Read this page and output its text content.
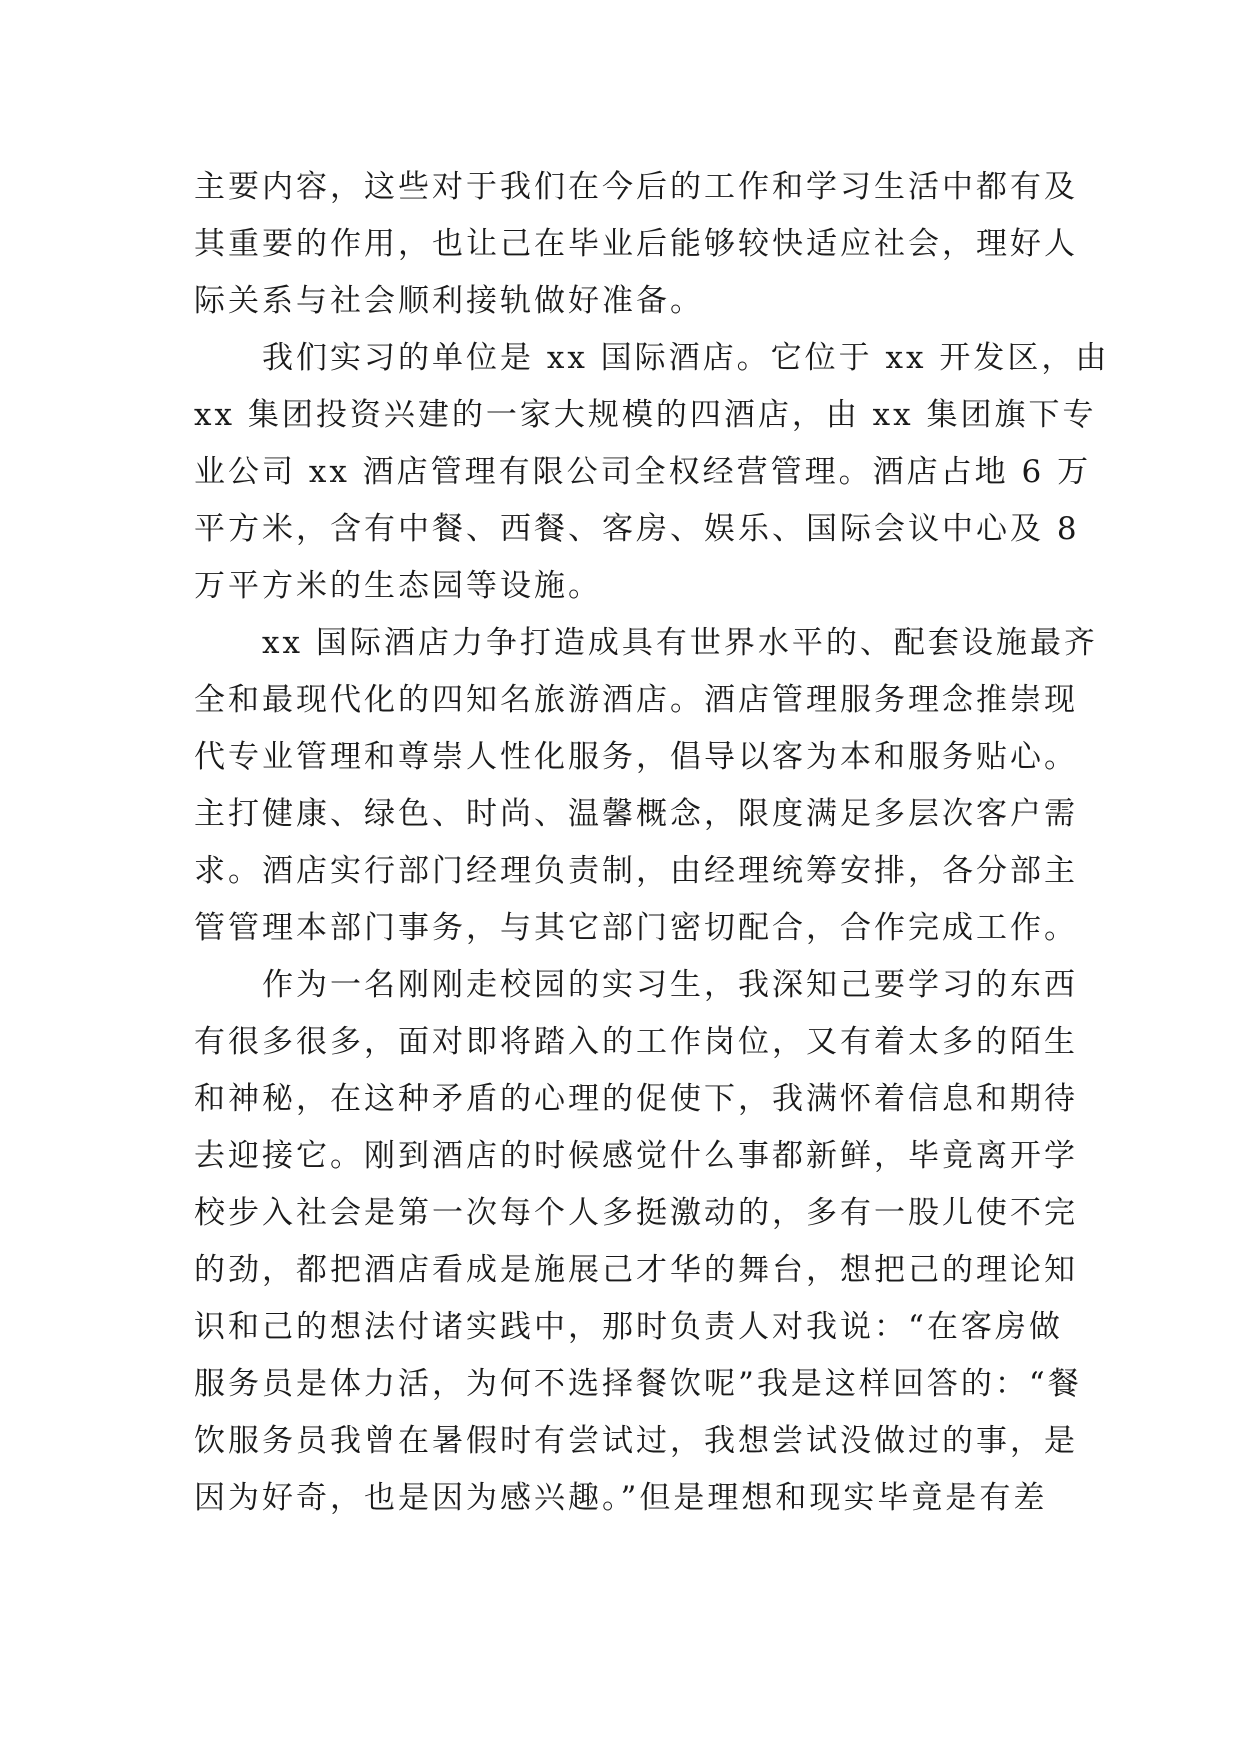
主要内容，这些对于我们在今后的工作和学习生活中都有及
其重要的作用，也让己在毕业后能够较快适应社会，理好人
际关系与社会顺利接轨做好准备。
　　我们实习的单位是 xx 国际酒店。它位于 xx 开发区，由
xx 集团投资兴建的一家大规模的四酒店，由 xx 集团旗下专
业公司 xx 酒店管理有限公司全权经营管理。酒店占地 6 万
平方米，含有中餐、西餐、客房、娱乐、国际会议中心及 8
万平方米的生态园等设施。
　　xx 国际酒店力争打造成具有世界水平的、配套设施最齐
全和最现代化的四知名旅游酒店。酒店管理服务理念推崇现
代专业管理和尊崇人性化服务，倡导以客为本和服务贴心。
主打健康、绿色、时尚、温馨概念，限度满足多层次客户需
求。酒店实行部门经理负责制，由经理统筹安排，各分部主
管管理本部门事务，与其它部门密切配合，合作完成工作。
　　作为一名刚刚走校园的实习生，我深知己要学习的东西
有很多很多，面对即将踏入的工作岗位，又有着太多的陌生
和神秘，在这种矛盾的心理的促使下，我满怀着信息和期待
去迎接它。刚到酒店的时候感觉什么事都新鲜，毕竟离开学
校步入社会是第一次每个人多挺激动的，多有一股儿使不完
的劲，都把酒店看成是施展己才华的舞台，想把己的理论知
识和己的想法付诸实践中，那时负责人对我说：“在客房做
服务员是体力活，为何不选择餐饮呢”我是这样回答的：“餐
饮服务员我曾在暑假时有尝试过，我想尝试没做过的事，是
因为好奇，也是因为感兴趣。”但是理想和现实毕竟是有差
